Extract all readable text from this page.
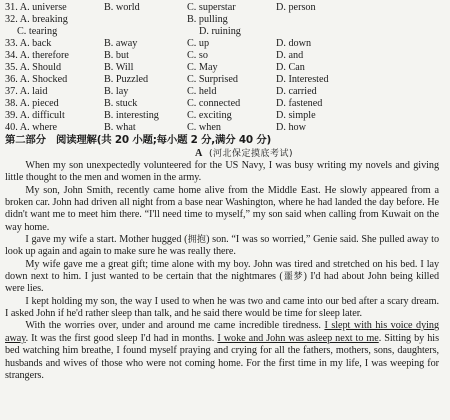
31. A. universe	B. world	C. superstar	D. person
32. A. breaking	B. pulling
C. tearing	D. ruining
33. A. back	B. away	C. up	D. down
34. A. therefore	B. but	C. so	D. and
35. A. Should	B. Will	C. May	D. Can
36. A. Shocked	B. Puzzled	C. Surprised	D. Interested
37. A. laid	B. lay	C. held	D. carried
38. A. pieced	B. stuck	C. connected	D. fastened
39. A. difficult	B. interesting	C. exciting	D. simple
40. A. where	B. what	C. when	D. how
第二部分　阅读理解(共 20 小题;每小题 2 分,满分 40 分)
A (河北保定摸底考试)

When my son unexpectedly volunteered for the US Navy, I was busy writing my novels and giving little thought to the men and women in the army.

My son, John Smith, recently came home alive from the Middle East. He slowly appeared from a broken car. John had driven all night from a base near Washington, where he had landed the day before. He didn't want me to meet him there. “I'll need time to myself,” my son said when calling from Kuwait on the way home.

I gave my wife a start. Mother hugged (拥抱) son. “I was so worried,” Genie said. She pulled away to look up again and again to make sure he was really there.

My wife gave me a great gift; time alone with my boy. John was tired and stretched on his bed. I lay down next to him. I just wanted to be certain that the nightmares (噩梦) I'd had about John being killed were lies.

I kept holding my son, the way I used to when he was two and came into our bed after a scary dream. I asked John if he'd rather sleep than talk, and he said there would be time for sleep later.

With the worries over, under and around me came incredible tiredness. I slept with his voice dying away. It was the first good sleep I'd had in months. I woke and John was asleep next to me. Sitting by his bed watching him breathe, I found myself praying and crying for all the fathers, mothers, sons, daughters, husbands and wives of those who were not coming home. For the first time in my life, I was weeping for strangers.
